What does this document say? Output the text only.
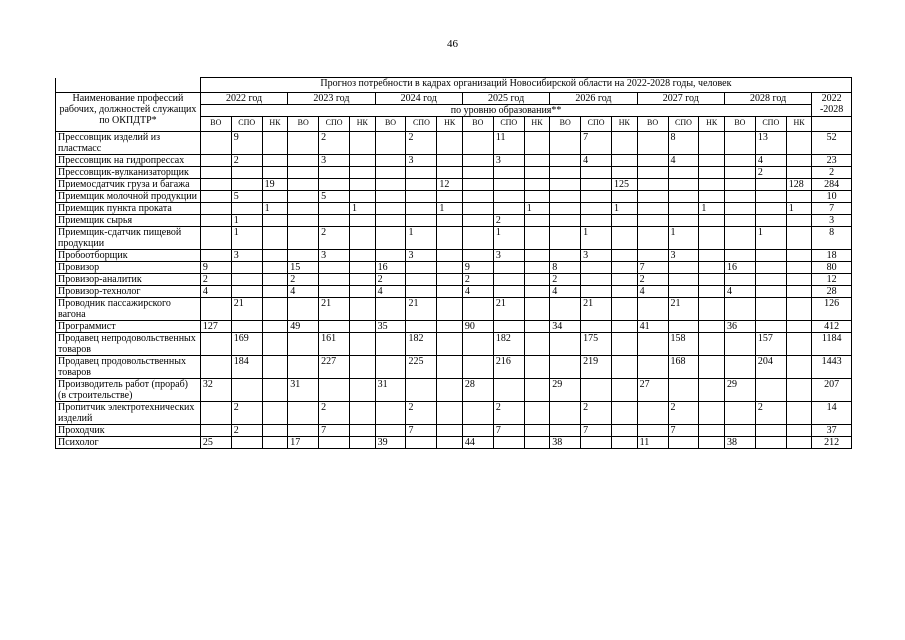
46
	Прогноз потребности в кадрах организаций Новосибирской области на 2022-2028 годы, человек																					
Наименование профессий рабочих, должностей служащих по ОКПДТР*	2022 год			2023 год			2024 год			2025 год			2026 год			2027 год			2028 год			2022 -2028
	по уровню образования**																					
	ВО	СПО	НК	ВО	СПО	НК	ВО	СПО	НК	ВО	СПО	НК	ВО	СПО	НК	ВО	СПО	НК	ВО	СПО	НК	
Прессовщик изделий из пластмасс		9			2			2			11			7			8			13		52
Прессовщик на гидропрессах		2			3			3			3			4			4			4		23
Прессовщик-вулканизаторщик																				2		2
Приемосдатчик груза и багажа			19						12						125						128	284
Приемщик молочной продукции		5			5																	10
Приемщик пункта проката			1			1			1			1			1			1			1	7
Приемщик сырья		1									2											3
Приемщик-сдатчик пищевой продукции		1			2			1			1			1			1			1		8
Пробоотборщик		3			3			3			3			3			3					18
Провизор	9			15			16			9			8			7			16			80
Провизор-аналитик	2			2			2			2			2			2						12
Провизор-технолог	4			4			4			4			4			4			4			28
Проводник пассажирского вагона		21			21			21			21			21			21					126
Программист	127			49			35			90			34			41			36			412
Продавец непродовольственных товаров		169			161			182			182			175			158			157		1184
Продавец продовольственных товаров		184			227			225			216			219			168			204		1443
Производитель работ (прораб) (в строительстве)	32			31			31			28			29			27			29			207
Пропитчик электротехнических изделий		2			2			2			2			2			2			2		14
Проходчик		2			7			7			7			7			7					37
Психолог	25			17			39			44			38			11			38			212
